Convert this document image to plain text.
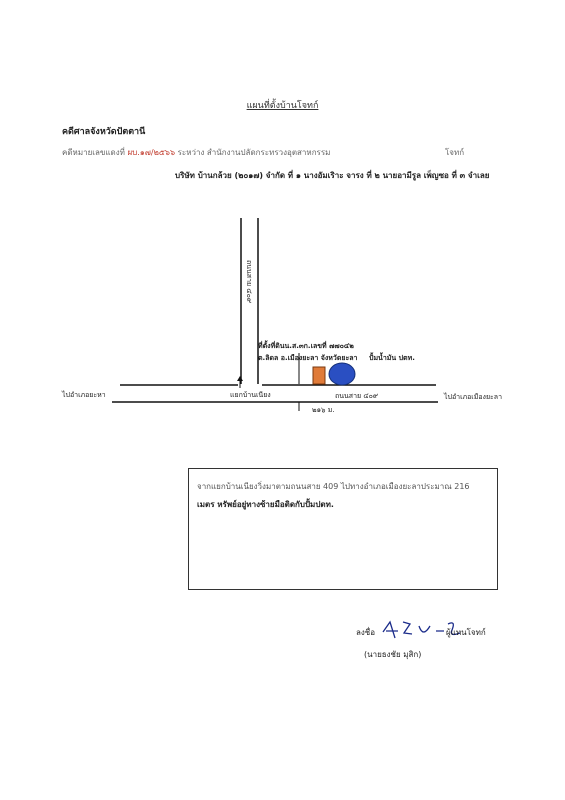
แผนที่ตั้งบ้านโจทก์
คดีศาลจังหวัดปัตตานี
คดีหมายเลขแดงที่ ผบ.๑๗/๒๕๖๖ ระหว่าง สำนักงานปลัดกระทรวงอุตสาหกรรม	โจทก์
บริษัท บ้านกล้วย (๒๐๑๗) จำกัด ที่ ๑ นางอัมเริาะ จารง ที่ ๒ นายอามีรูล เพ็ญซอ ที่ ๓ จำเลย
ถนนสาย ๔๐๙
ที่ตั้งที่ดินน.ส.๓ก.เลขที่ ๗๗๐๔๒
ต.ลิดล อ.เมืองยะลา จังหวัดยะลา ปั้มน้ำมัน ปตท.
ไปอำเภอยะหา	ไปอำเภอเมืองยะลา
แยกบ้านเนียง	ถนนสาย ๔๐๙
๒๑๖ ม.
จากแยกบ้านเนียงวิ่งมาตามถนนสาย 409 ไปทางอำเภอเมืองยะลาประมาณ 216
เมตร หรัพย์อยู่ทางซ้ายมือติดกับปั้มปตท.
ลงชื่อ	ผู้แทนโจทก์
(นายธงชัย มุสิก)
